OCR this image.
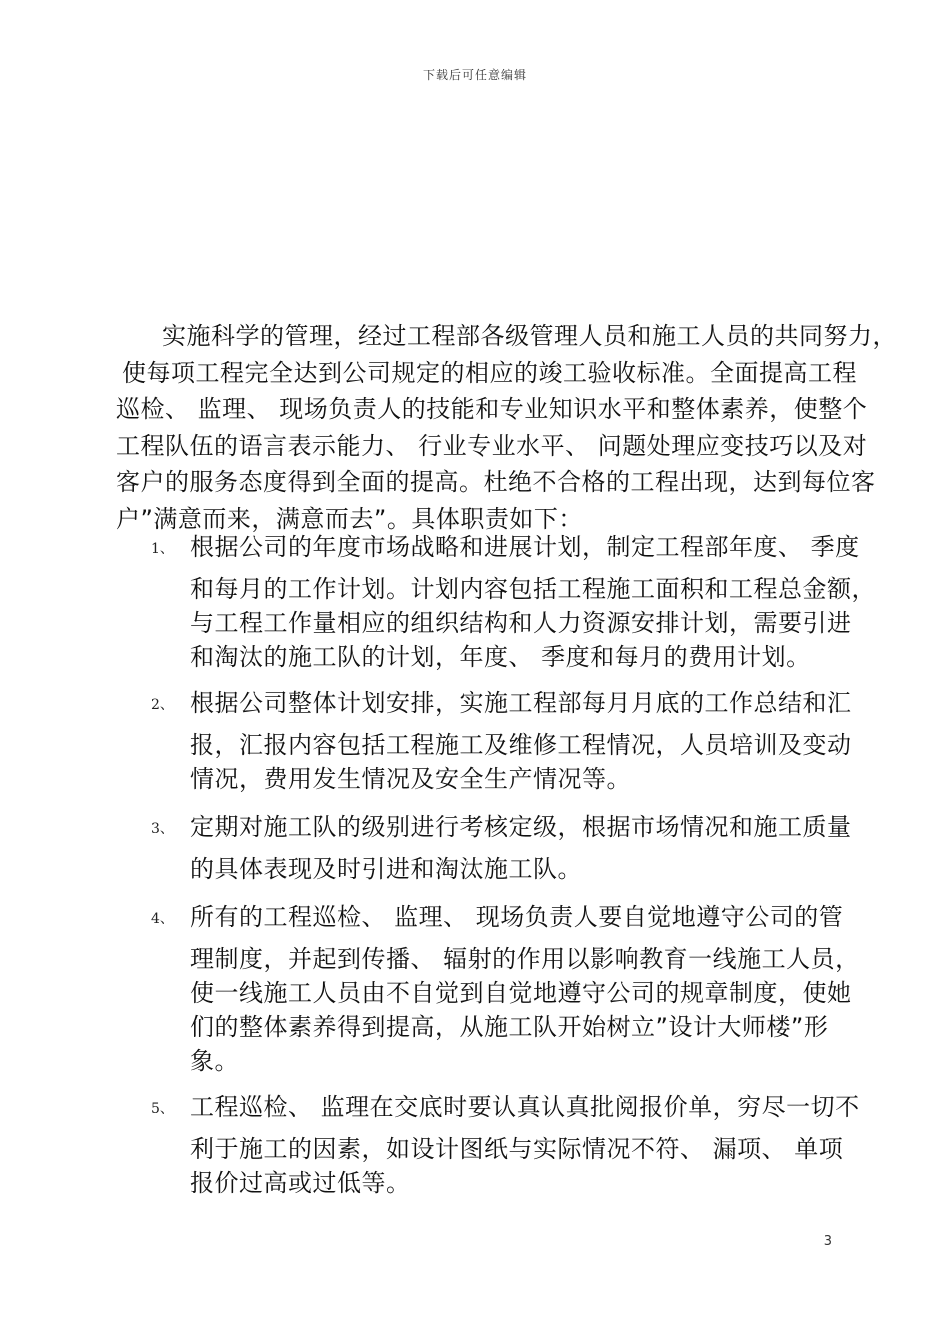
下载后可任意编辑
实施科学的管理，经过工程部各级管理人员和施工人员的共同努力，
使每项工程完全达到公司规定的相应的竣工验收标准。全面提高工程
巡检、 监理、 现场负责人的技能和专业知识水平和整体素养，使整个
工程队伍的语言表示能力、 行业专业水平、 问题处理应变技巧以及对
客户的服务态度得到全面的提高。杜绝不合格的工程出现，达到每位客
户”满意而来，满意而去”。具体职责如下：
1、 根据公司的年度市场战略和进展计划，制定工程部年度、 季度
和每月的工作计划。计划内容包括工程施工面积和工程总金额，
与工程工作量相应的组织结构和人力资源安排计划，需要引进
和淘汰的施工队的计划，年度、 季度和每月的费用计划。
2、 根据公司整体计划安排，实施工程部每月月底的工作总结和汇
报，汇报内容包括工程施工及维修工程情况，人员培训及变动
情况，费用发生情况及安全生产情况等。
3、 定期对施工队的级别进行考核定级，根据市场情况和施工质量
的具体表现及时引进和淘汰施工队。
4、 所有的工程巡检、 监理、 现场负责人要自觉地遵守公司的管
理制度，并起到传播、 辐射的作用以影响教育一线施工人员，
使一线施工人员由不自觉到自觉地遵守公司的规章制度，使她
们的整体素养得到提高，从施工队开始树立”设计大师楼”形
象。
5、 工程巡检、 监理在交底时要认真认真批阅报价单，穷尽一切不
利于施工的因素，如设计图纸与实际情况不符、 漏项、 单项
报价过高或过低等。
3
